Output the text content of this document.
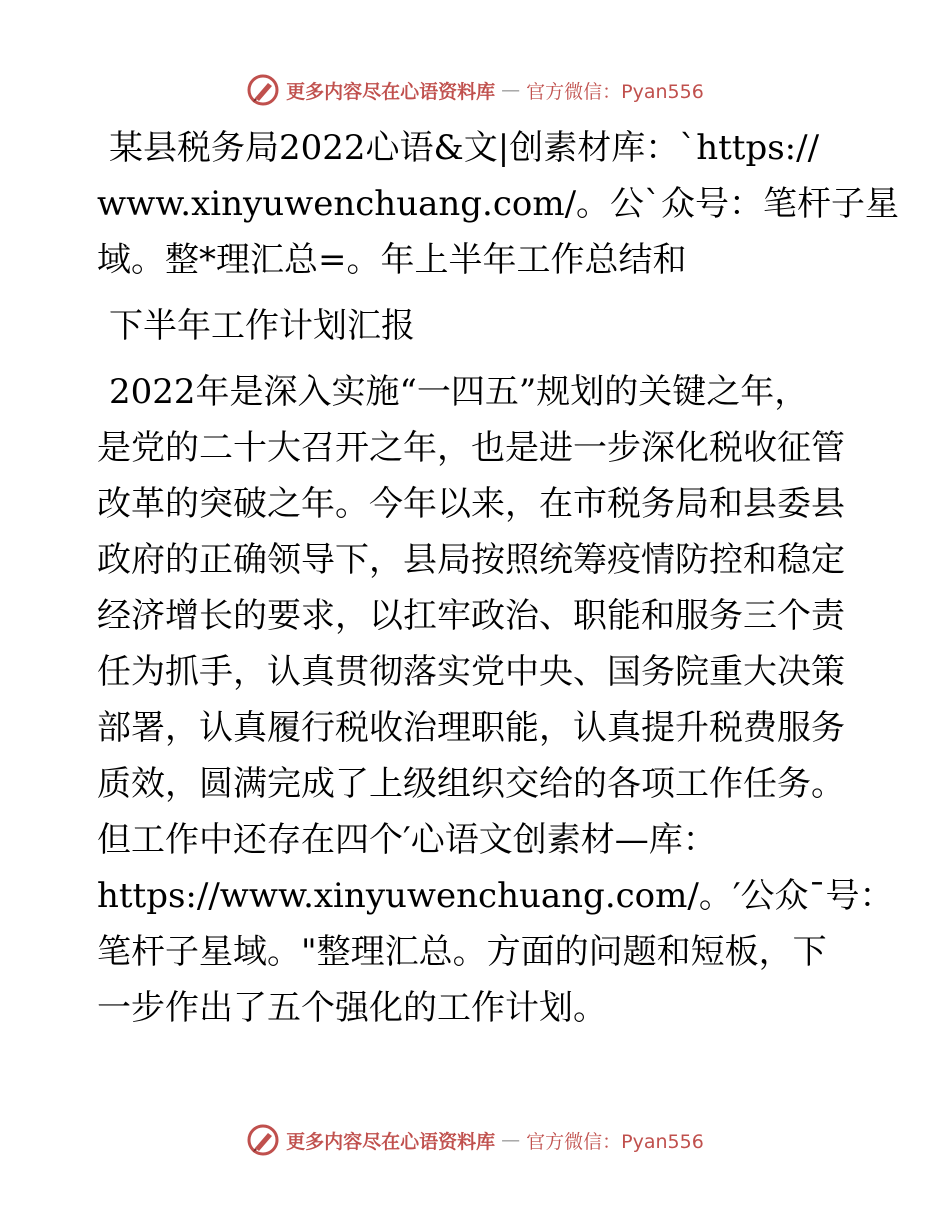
更多内容尽在心语资料库 — 官方微信：Pyan556
某县税务局2022心语&文|创素材库：`https://
www.xinyuwenchuang.com/。公`众号：笔杆子星
域。整*理汇总=。年上半年工作总结和
下半年工作计划汇报
2022年是深入实施“一四五”规划的关键之年，
是党的二十大召开之年，也是进一步深化税收征管
改革的突破之年。今年以来，在市税务局和县委县
政府的正确领导下，县局按照统筹疫情防控和稳定
经济增长的要求，以扛牢政治、职能和服务三个责
任为抓手，认真贯彻落实党中央、国务院重大决策
部署，认真履行税收治理职能，认真提升税费服务
质效，圆满完成了上级组织交给的各项工作任务。
但工作中还存在四个′心语文创素材—库：
https://www.xinyuwenchuang.com/。′公众¯号：
笔杆子星域。"整理汇总。方面的问题和短板，下
一步作出了五个强化的工作计划。
更多内容尽在心语资料库 — 官方微信：Pyan556
